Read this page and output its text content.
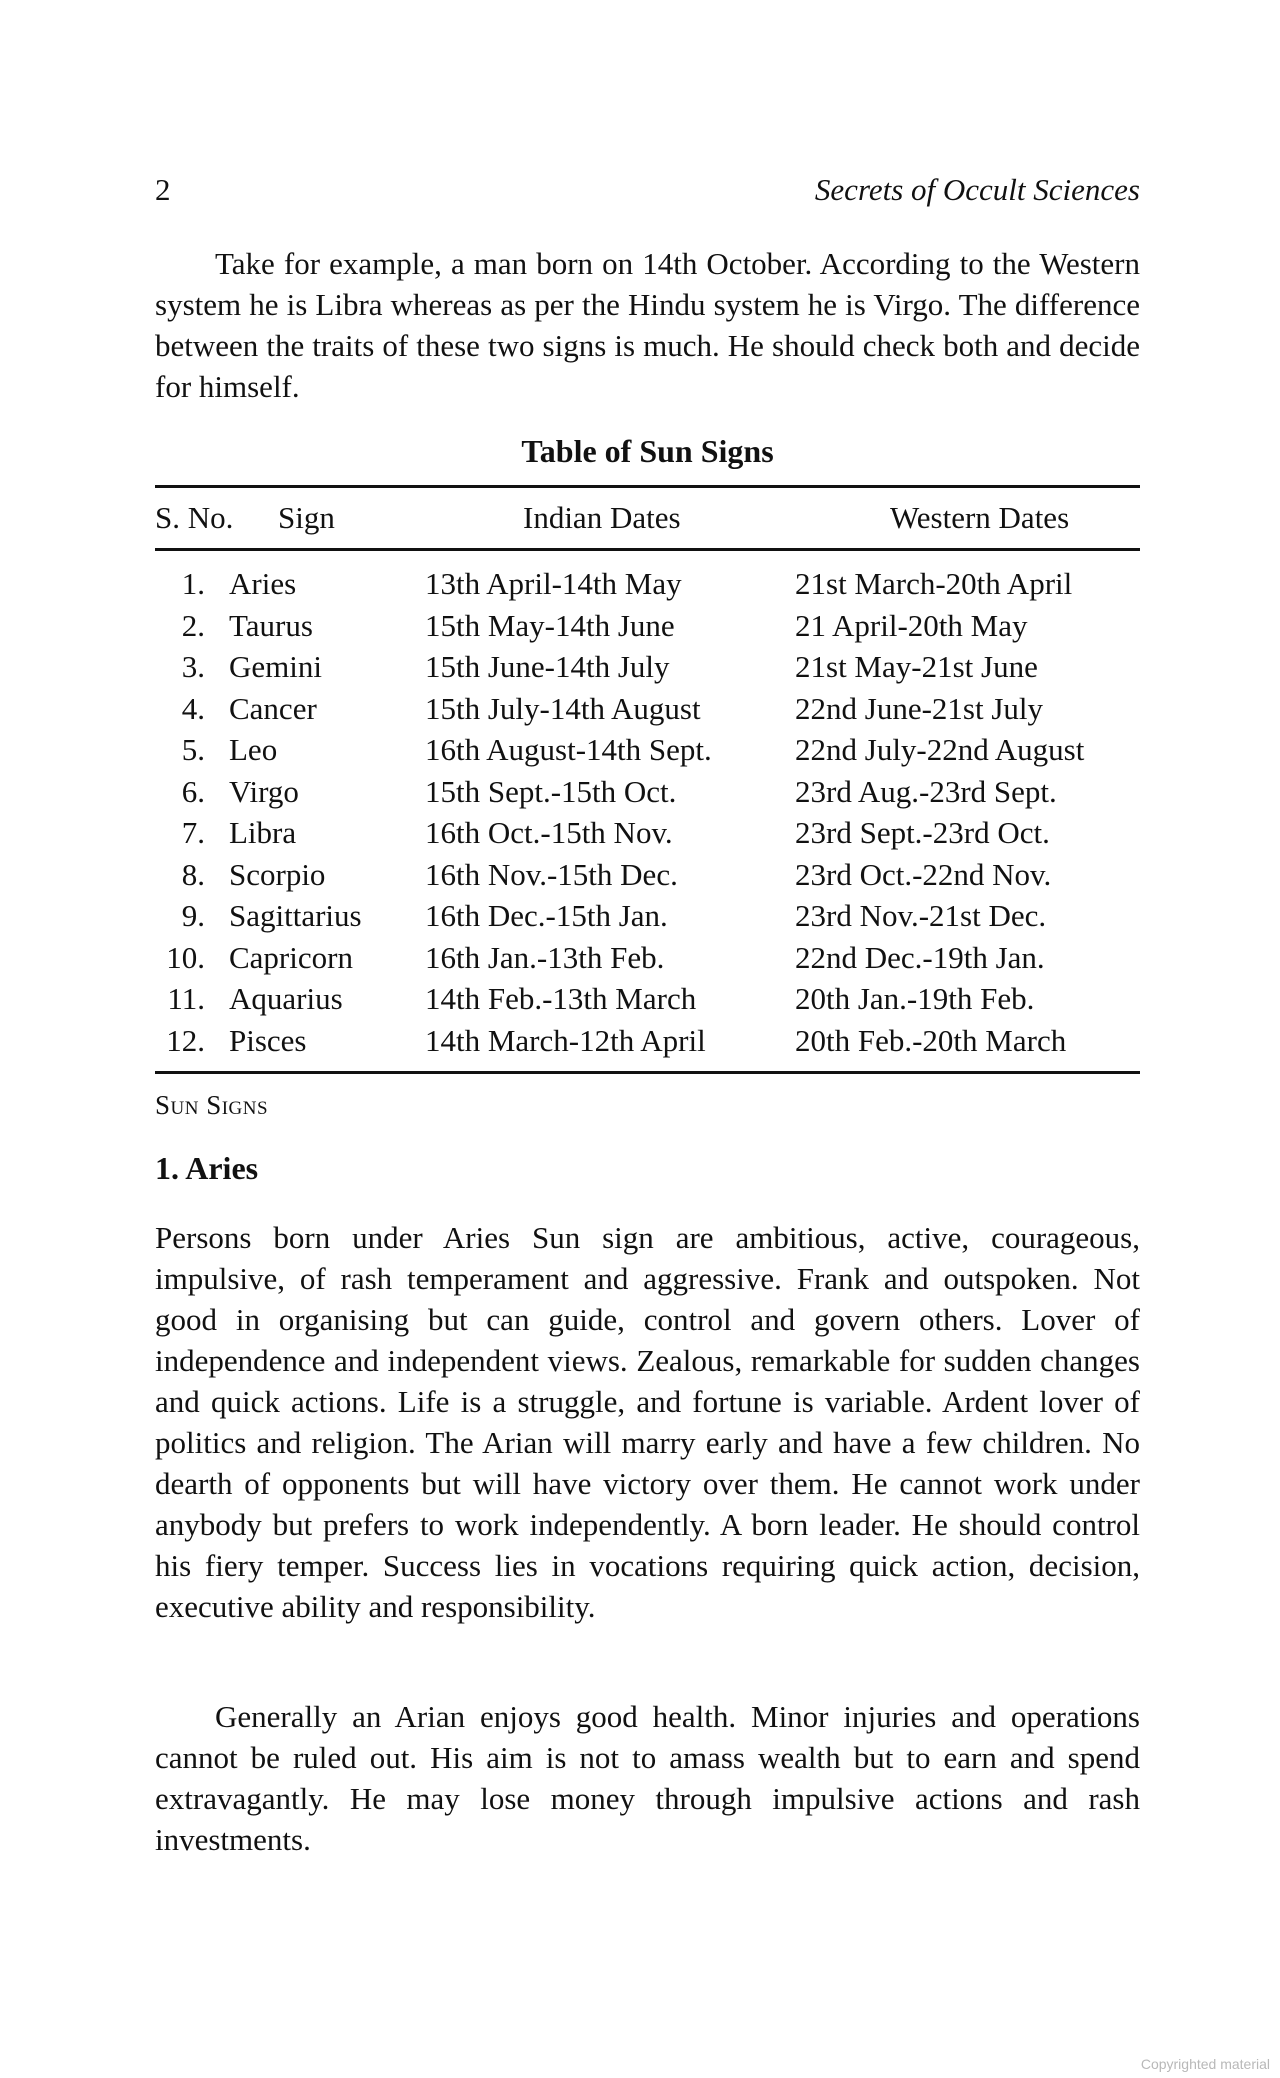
2	Secrets of Occult Sciences

Take for example, a man born on 14th October. According to the Western system he is Libra whereas as per the Hindu system he is Virgo. The difference between the traits of these two signs is much. He should check both and decide for himself.

Table of Sun Signs
S. No. Sign	Indian Dates	Western Dates
1. Aries	13th April-14th May	21st March-20th April
2. Taurus	15th May-14th June	21 April-20th May
3. Gemini	15th June-14th July	21st May-21st June
4. Cancer	15th July-14th August	22nd June-21st July
5. Leo	16th August-14th Sept.	22nd July-22nd August
6. Virgo	15th Sept.-15th Oct.	23rd Aug.-23rd Sept.
7. Libra	16th Oct.-15th Nov.	23rd Sept.-23rd Oct.
8. Scorpio	16th Nov.-15th Dec.	23rd Oct.-22nd Nov.
9. Sagittarius 16th Dec.-15th Jan.	23rd Nov.-21st Dec.
10. Capricorn 16th Jan.-13th Feb.	22nd Dec.-19th Jan.
11. Aquarius	14th Feb.-13th March	20th Jan.-19th Feb.
12. Pisces	14th March-12th April	20th Feb.-20th March
Sun Signs
1. Aries

Persons born under Aries Sun sign are ambitious, active, courageous, impulsive, of rash temperament and aggressive. Frank and outspoken. Not good in organising but can guide, control and govern others. Lover of independence and independent views. Zealous, remarkable for sudden changes and quick actions. Life is a struggle, and fortune is variable. Ardent lover of politics and religion. The Arian will marry early and have a few children. No dearth of opponents but will have victory over them. He cannot work under anybody but prefers to work independently. A born leader. He should control his fiery temper. Success lies in vocations requiring quick action, decision, executive ability and responsibility.

Generally an Arian enjoys good health. Minor injuries and operations cannot be ruled out. His aim is not to amass wealth but to earn and spend extravagantly. He may lose money through impulsive actions and rash investments.

Copyrighted material
